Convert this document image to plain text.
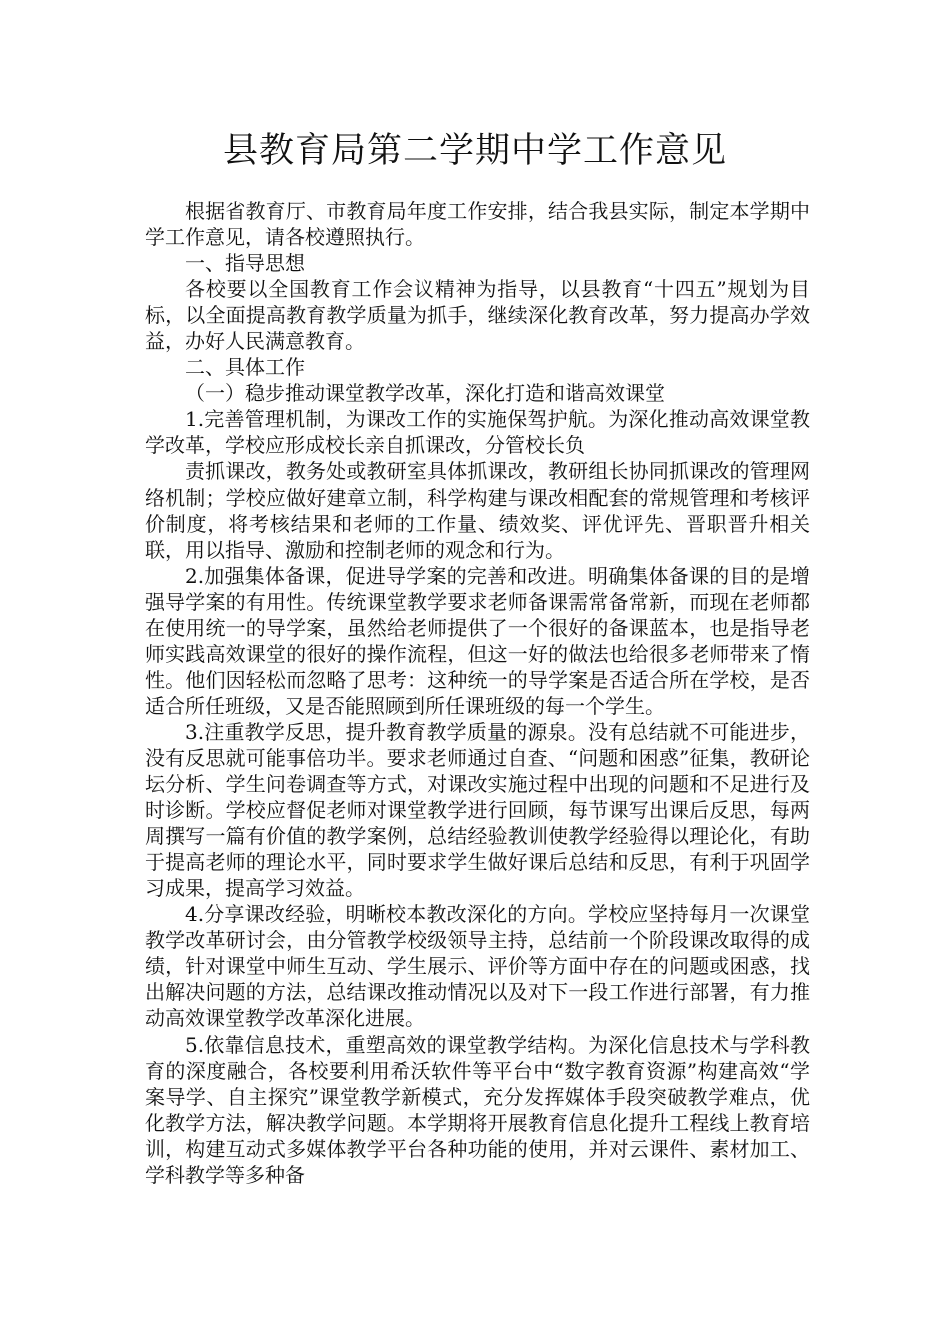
县教育局第二学期中学工作意见

根据省教育厅、市教育局年度工作安排，结合我县实际，制定本学期中学工作意见，请各校遵照执行。

一、指导思想

各校要以全国教育工作会议精神为指导，以县教育“十四五”规划为目标，以全面提高教育教学质量为抓手，继续深化教育改革，努力提高办学效益，办好人民满意教育。

二、具体工作

（一）稳步推动课堂教学改革，深化打造和谐高效课堂

1.完善管理机制，为课改工作的实施保驾护航。为深化推动高效课堂教学改革，学校应形成校长亲自抓课改，分管校长负

责抓课改，教务处或教研室具体抓课改，教研组长协同抓课改的管理网络机制；学校应做好建章立制，科学构建与课改相配套的常规管理和考核评价制度，将考核结果和老师的工作量、绩效奖、评优评先、晋职晋升相关联，用以指导、激励和控制老师的观念和行为。

2.加强集体备课，促进导学案的完善和改进。明确集体备课的目的是增强导学案的有用性。传统课堂教学要求老师备课需常备常新，而现在老师都在使用统一的导学案，虽然给老师提供了一个很好的备课蓝本，也是指导老师实践高效课堂的很好的操作流程，但这一好的做法也给很多老师带来了惰性。他们因轻松而忽略了思考：这种统一的导学案是否适合所在学校，是否适合所任班级，又是否能照顾到所任课班级的每一个学生。

3.注重教学反思，提升教育教学质量的源泉。没有总结就不可能进步，没有反思就可能事倍功半。要求老师通过自查、“问题和困惑”征集，教研论坛分析、学生问卷调查等方式，对课改实施过程中出现的问题和不足进行及时诊断。学校应督促老师对课堂教学进行回顾，每节课写出课后反思，每两周撰写一篇有价值的教学案例，总结经验教训使教学经验得以理论化，有助于提高老师的理论水平，同时要求学生做好课后总结和反思，有利于巩固学习成果，提高学习效益。

4.分享课改经验，明晰校本教改深化的方向。学校应坚持每月一次课堂教学改革研讨会，由分管教学校级领导主持，总结前一个阶段课改取得的成绩，针对课堂中师生互动、学生展示、评价等方面中存在的问题或困惑，找出解决问题的方法，总结课改推动情况以及对下一段工作进行部署，有力推动高效课堂教学改革深化进展。

5.依靠信息技术，重塑高效的课堂教学结构。为深化信息技术与学科教育的深度融合，各校要利用希沃软件等平台中“数字教育资源”构建高效“学案导学、自主探究”课堂教学新模式，充分发挥媒体手段突破教学难点，优化教学方法，解决教学问题。本学期将开展教育信息化提升工程线上教育培训，构建互动式多媒体教学平台各种功能的使用，并对云课件、素材加工、学科教学等多种备
